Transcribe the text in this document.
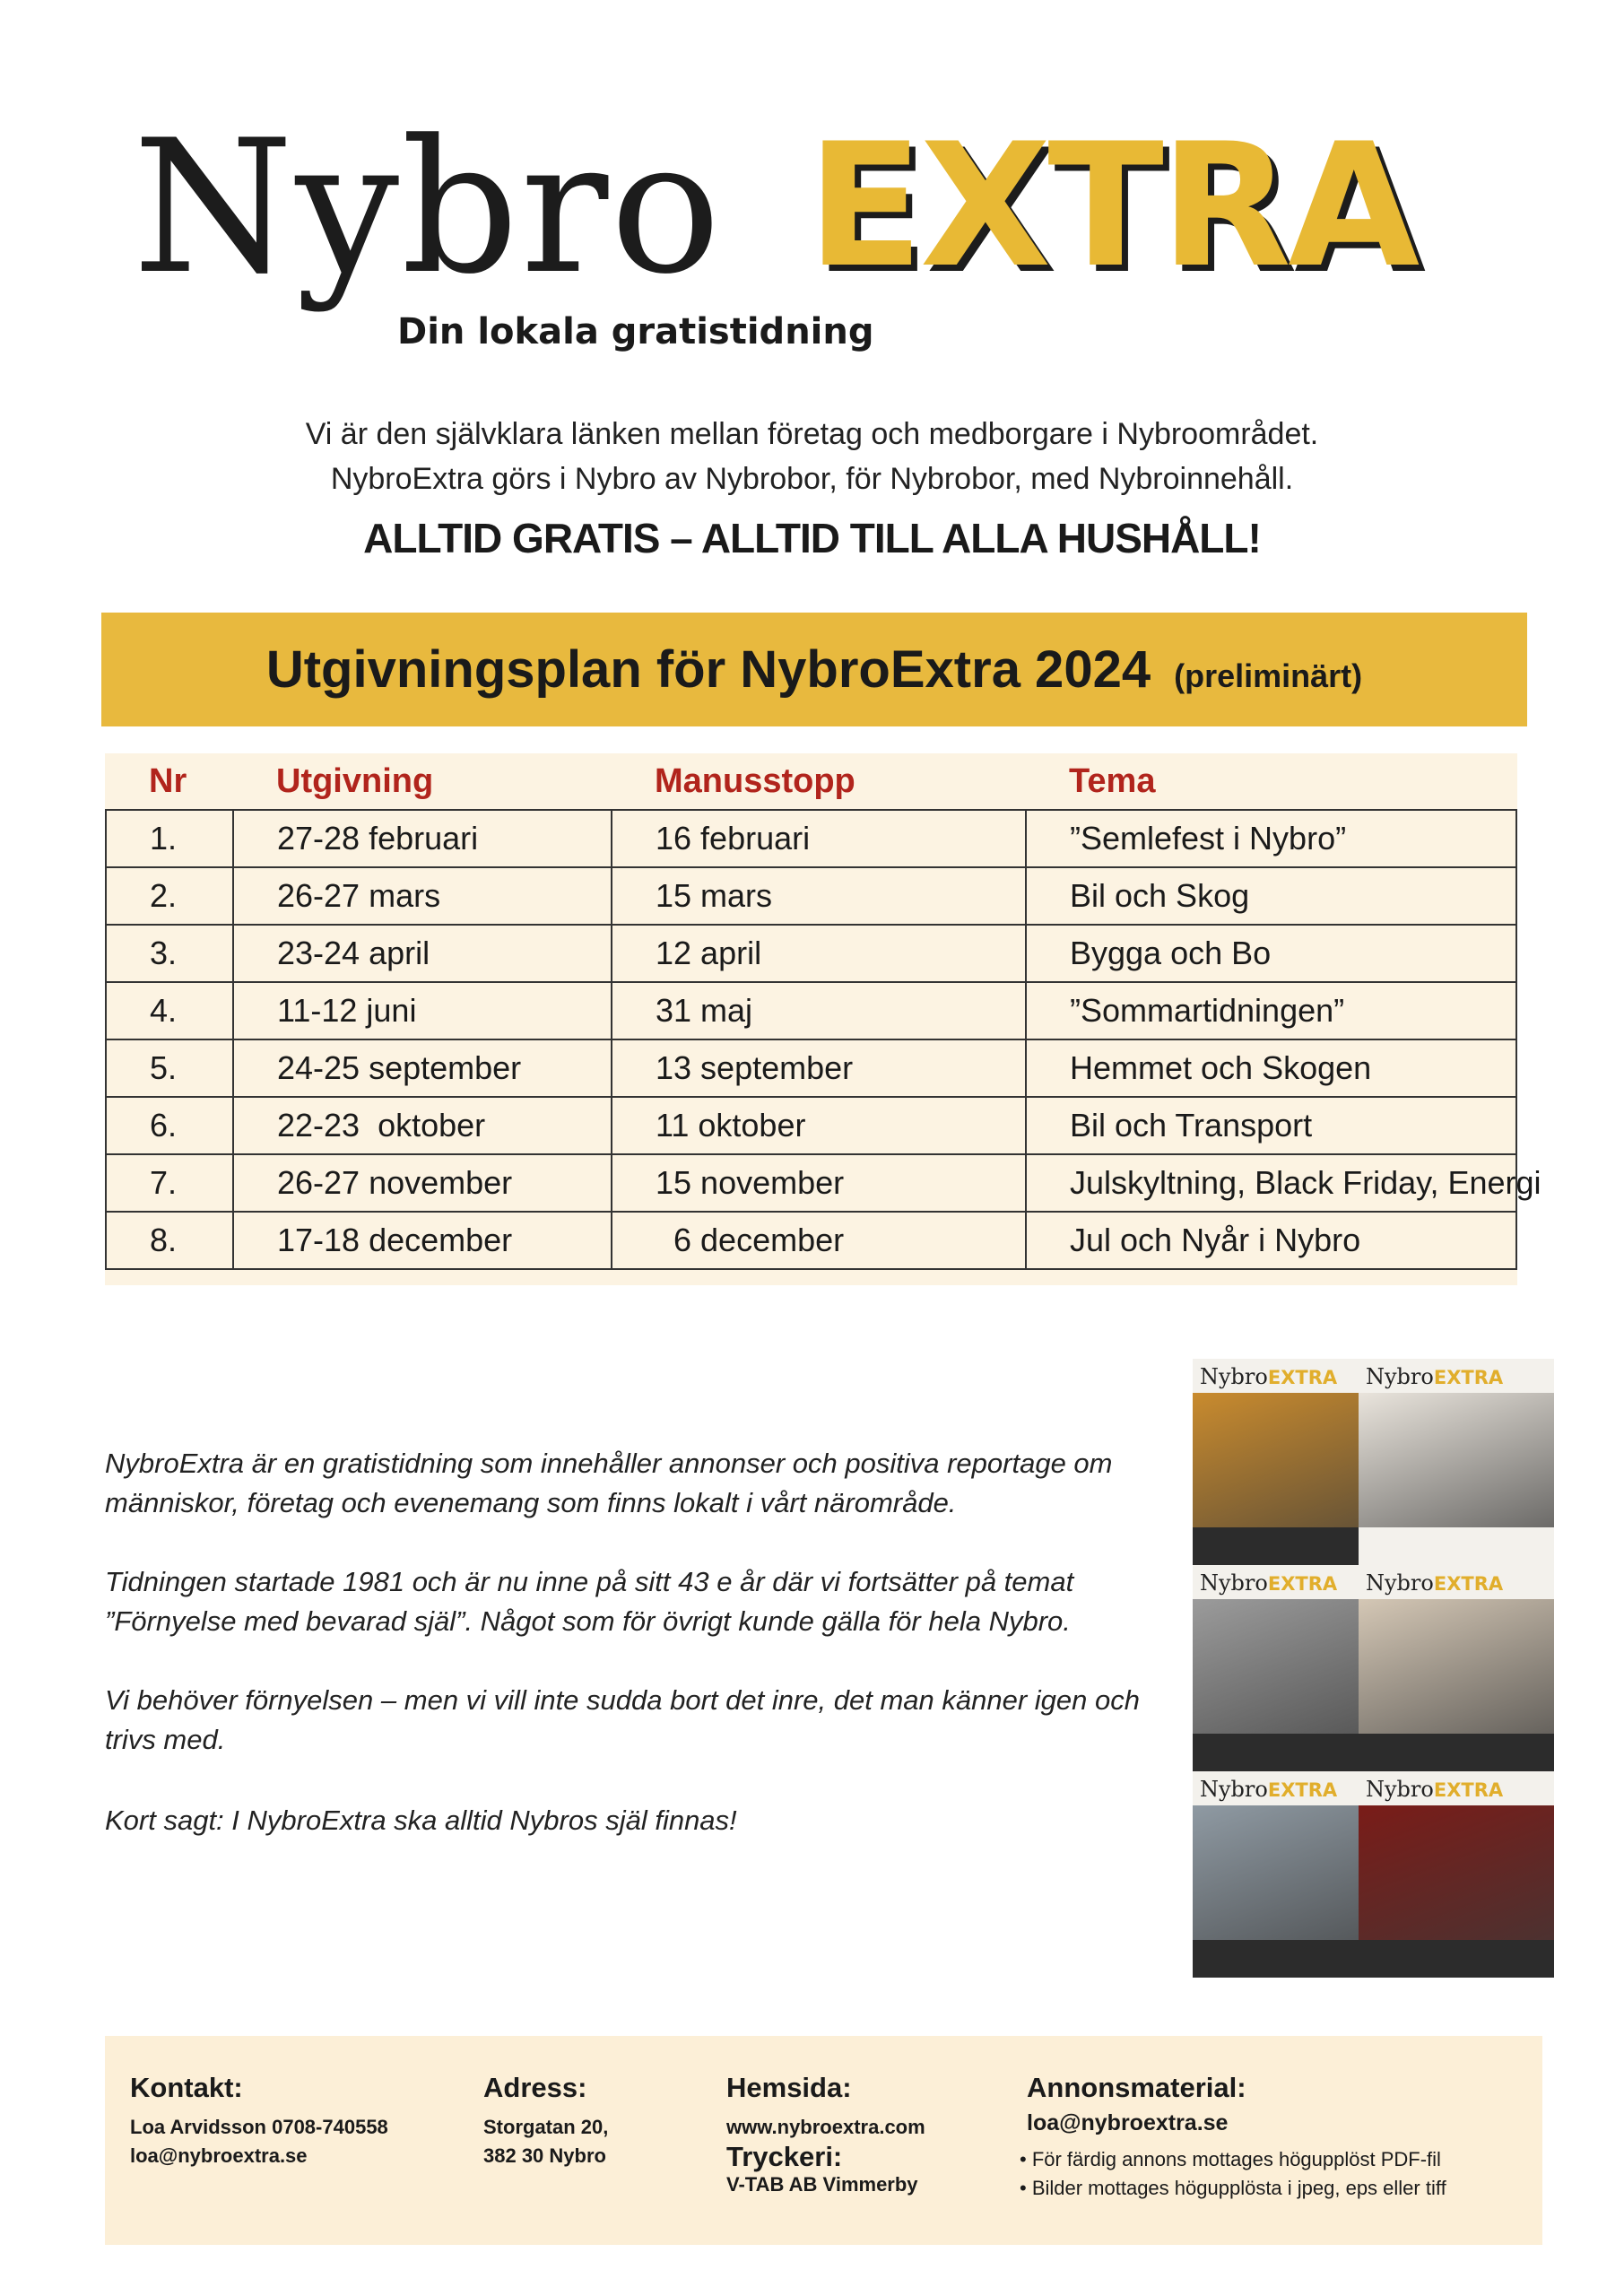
Nybro EXTRA
Din lokala gratistidning
Vi är den självklara länken mellan företag och medborgare i Nybroområdet.
NybroExtra görs i Nybro av Nybrobor, för Nybrobor, med Nybroinnehåll.
ALLTID GRATIS – ALLTID TILL ALLA HUSHÅLL!
Utgivningsplan för NybroExtra 2024 (preliminärt)
Nr	Utgivning	Manusstopp	Tema
1.	27-28 februari	16 februari	”Semlefest i Nybro”
2.	26-27 mars	15 mars	Bil och Skog
3.	23-24 april	12 april	Bygga och Bo
4.	11-12 juni	31 maj	”Sommartidningen”
5.	24-25 september	13 september	Hemmet och Skogen
6.	22-23  oktober	11 oktober	Bil och Transport
7.	26-27 november	15 november	Julskyltning, Black Friday, Energi
8.	17-18 december	6 december	Jul och Nyår i Nybro
NybroExtra är en gratistidning som innehåller annonser och positiva reportage om människor, företag och evenemang som finns lokalt i vårt närområde.
Tidningen startade 1981 och är nu inne på sitt 43 e år där vi fortsätter på temat ”Förnyelse med bevarad själ”. Något som för övrigt kunde gälla för hela Nybro.
Vi behöver förnyelsen – men vi vill inte sudda bort det inre, det man känner igen och trivs med.
Kort sagt: I NybroExtra ska alltid Nybros själ finnas!
NybroEXTRA NybroEXTRA
NybroEXTRA NybroEXTRA
NybroEXTRA NybroEXTRA
Kontakt:
Loa Arvidsson 0708-740558
loa@nybroextra.se
Adress:
Storgatan 20,
382 30 Nybro
Hemsida:
www.nybroextra.com
Tryckeri:
V-TAB AB Vimmerby
Annonsmaterial:
loa@nybroextra.se
• För färdig annons mottages högupplöst PDF-fil
• Bilder mottages högupplösta i jpeg, eps eller tiff
